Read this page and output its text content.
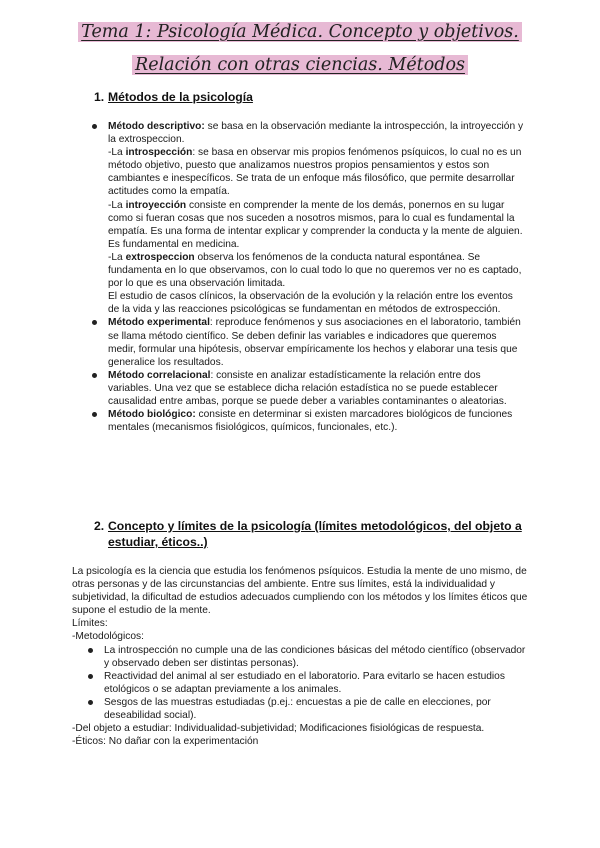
Tema 1: Psicología Médica. Concepto y objetivos.
Relación con otras ciencias. Métodos
1. Métodos de la psicología
Método descriptivo: se basa en la observación mediante la introspección, la introyección y la extrospeccion.
-La introspección: se basa en observar mis propios fenómenos psíquicos, lo cual no es un método objetivo, puesto que analizamos nuestros propios pensamientos y estos son cambiantes e inespecíficos. Se trata de un enfoque más filosófico, que permite desarrollar actitudes como la empatía.
-La introyección consiste en comprender la mente de los demás, ponernos en su lugar como si fueran cosas que nos suceden a nosotros mismos, para lo cual es fundamental la empatía. Es una forma de intentar explicar y comprender la conducta y la mente de alguien. Es fundamental en medicina.
-La extrospeccion observa los fenómenos de la conducta natural espontánea. Se fundamenta en lo que observamos, con lo cual todo lo que no queremos ver no es captado, por lo que es una observación limitada.
El estudio de casos clínicos, la observación de la evolución y la relación entre los eventos de la vida y las reacciones psicológicas se fundamentan en métodos de extrospección.
Método experimental: reproduce fenómenos y sus asociaciones en el laboratorio, también se llama método científico. Se deben definir las variables e indicadores que queremos medir, formular una hipótesis, observar empíricamente los hechos y elaborar una tesis que generalice los resultados.
Método correlacional: consiste en analizar estadísticamente la relación entre dos variables. Una vez que se establece dicha relación estadística no se puede establecer causalidad entre ambas, porque se puede deber a variables contaminantes o aleatorias.
Método biológico: consiste en determinar si existen marcadores biológicos de funciones mentales (mecanismos fisiológicos, químicos, funcionales, etc.).
2. Concepto y límites de la psicología (límites metodológicos, del objeto a
estudiar, éticos..)

La psicología es la ciencia que estudia los fenómenos psíquicos. Estudia la mente de uno mismo, de otras personas y de las circunstancias del ambiente. Entre sus límites, está la individualidad y subjetividad, la dificultad de estudios adecuados cumpliendo con los métodos y los límites éticos que supone el estudio de la mente.

Límites:

-Metodológicos:

La introspección no cumple una de las condiciones básicas del método científico (observador y observado deben ser distintas personas).
Reactividad del animal al ser estudiado en el laboratorio. Para evitarlo se hacen estudios etológicos o se adaptan previamente a los animales.
Sesgos de las muestras estudiadas (p.ej.: encuestas a pie de calle en elecciones, por deseabilidad social).

-Del objeto a estudiar: Individualidad-subjetividad; Modificaciones fisiológicas de respuesta.

-Éticos: No dañar con la experimentación
